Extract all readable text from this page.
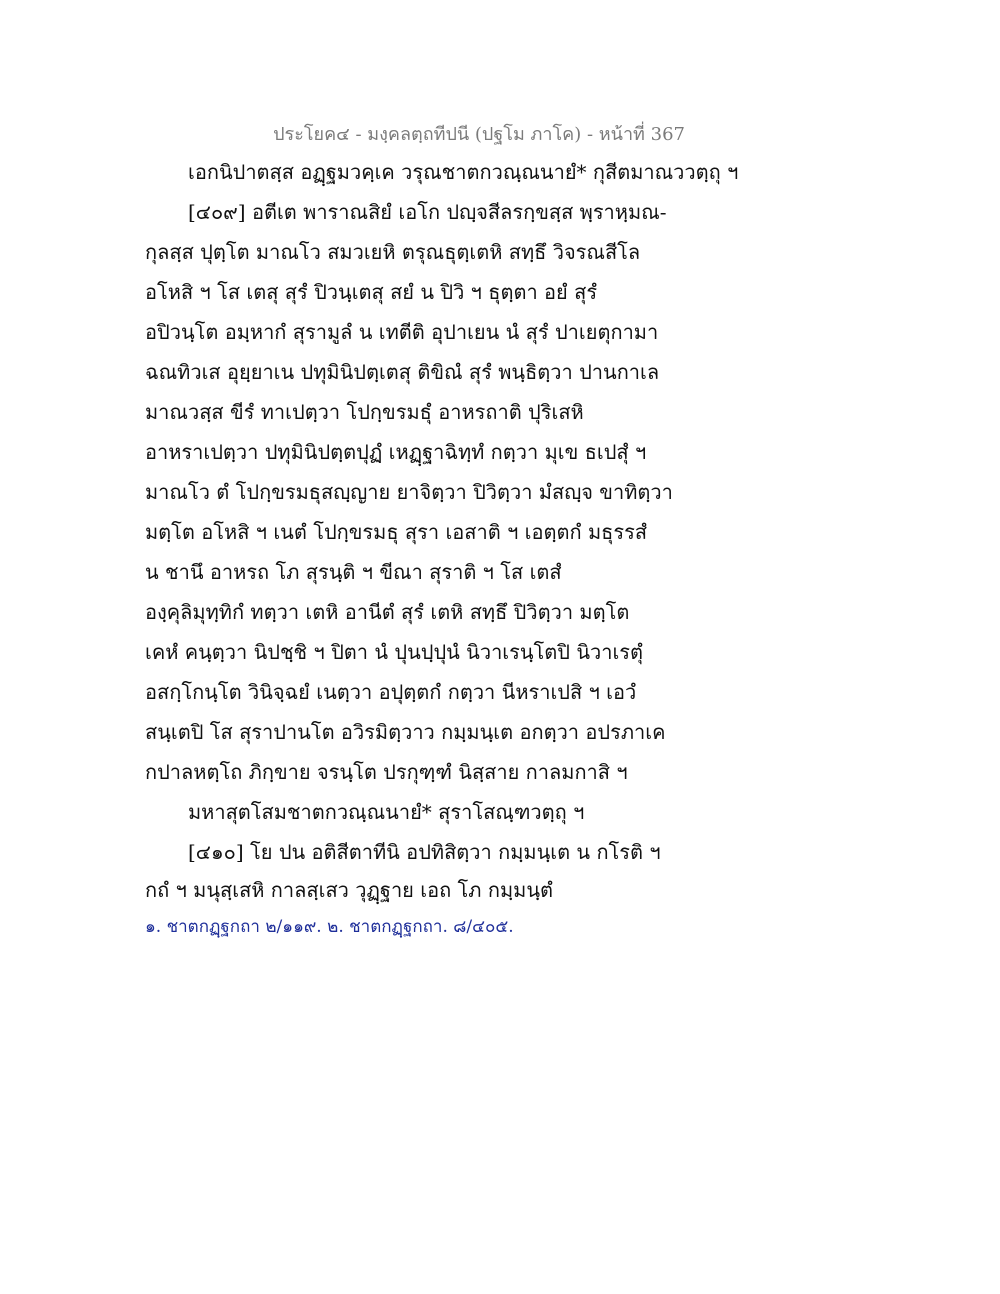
ประโยค๔ - มงฺคลตฺถทีปนี (ปฐโม ภาโค) - หน้าที่ 367
เอกนิปาตสฺส อฏฺฐมวคฺเค วรุณชาตกวณฺณนายํ* กุสีตมาณววตฺถุ ฯ
[๔๐๙] อตีเต พาราณสิยํ เอโก ปญฺจสีลรกฺขสฺส พฺราหฺมณ-
กุลสฺส ปุตฺโต มาณโว สมวเยหิ ตรุณธุตฺเตหิ สทฺธึ วิจรณสีโล
อโหสิ ฯ โส เตสุ สุรํ ปิวนฺเตสุ สยํ น ปิวิ ฯ ธุตฺตา อยํ สุรํ
อปิวนฺโต อมฺหากํ สุรามูลํ น เทตีติ อุปาเยน นํ สุรํ ปาเยตุกามา
ฉณทิวเส อุยฺยาเน ปทุมินิปตฺเตสุ ติขิณํ สุรํ พนฺธิตฺวา ปานกาเล
มาณวสฺส ขีรํ ทาเปตฺวา โปกฺขรมธุํ อาหรถาติ ปุริเสหิ
อาหราเปตฺวา ปทุมินิปตฺตปุฏํ เหฏฺฐาฉิทฺทํ กตฺวา มุเข ธเปสุํ ฯ
มาณโว ตํ โปกฺขรมธุสญฺญาย ยาจิตฺวา ปิวิตฺวา มํสญฺจ ขาทิตฺวา
มตฺโต อโหสิ ฯ เนตํ โปกฺขรมธุ สุรา เอสาติ ฯ เอตฺตกํ มธุรรสํ
น ชานึ อาหรถ โภ สุรนฺติ ฯ ขีณา สุราติ ฯ โส เตสํ
องฺคุลิมุทฺทิกํ ทตฺวา เตหิ อานีตํ สุรํ เตหิ สทฺธึ ปิวิตฺวา มตฺโต
เคหํ คนฺตฺวา นิปชฺชิ ฯ ปิตา นํ ปุนปฺปุนํ นิวาเรนฺโตปิ นิวาเรตุํ
อสกฺโกนฺโต วินิจฺฉยํ เนตฺวา อปุตฺตกํ กตฺวา นีหราเปสิ ฯ เอวํ
สนฺเตปิ โส สุราปานโต อวิรมิตฺวาว กมฺมนฺเต อกตฺวา อปรภาเค
กปาลหตฺโถ ภิกฺขาย จรนฺโต ปรกุฑฺฑํ นิสฺสาย กาลมกาสิ ฯ
มหาสุตโสมชาตกวณฺณนายํ* สุราโสณฺฑวตฺถุ ฯ
[๔๑๐] โย ปน อติสีตาทีนิ อปทิสิตฺวา กมฺมนฺเต น กโรติ ฯ
กถํ ฯ มนุสฺเสหิ กาลสฺเสว วุฏฺฐาย เอถ โภ กมฺมนฺตํ
๑. ชาตกฏฺฐกถา ๒/๑๑๙. ๒. ชาตกฏฺฐกถา. ๘/๔๐๕.
